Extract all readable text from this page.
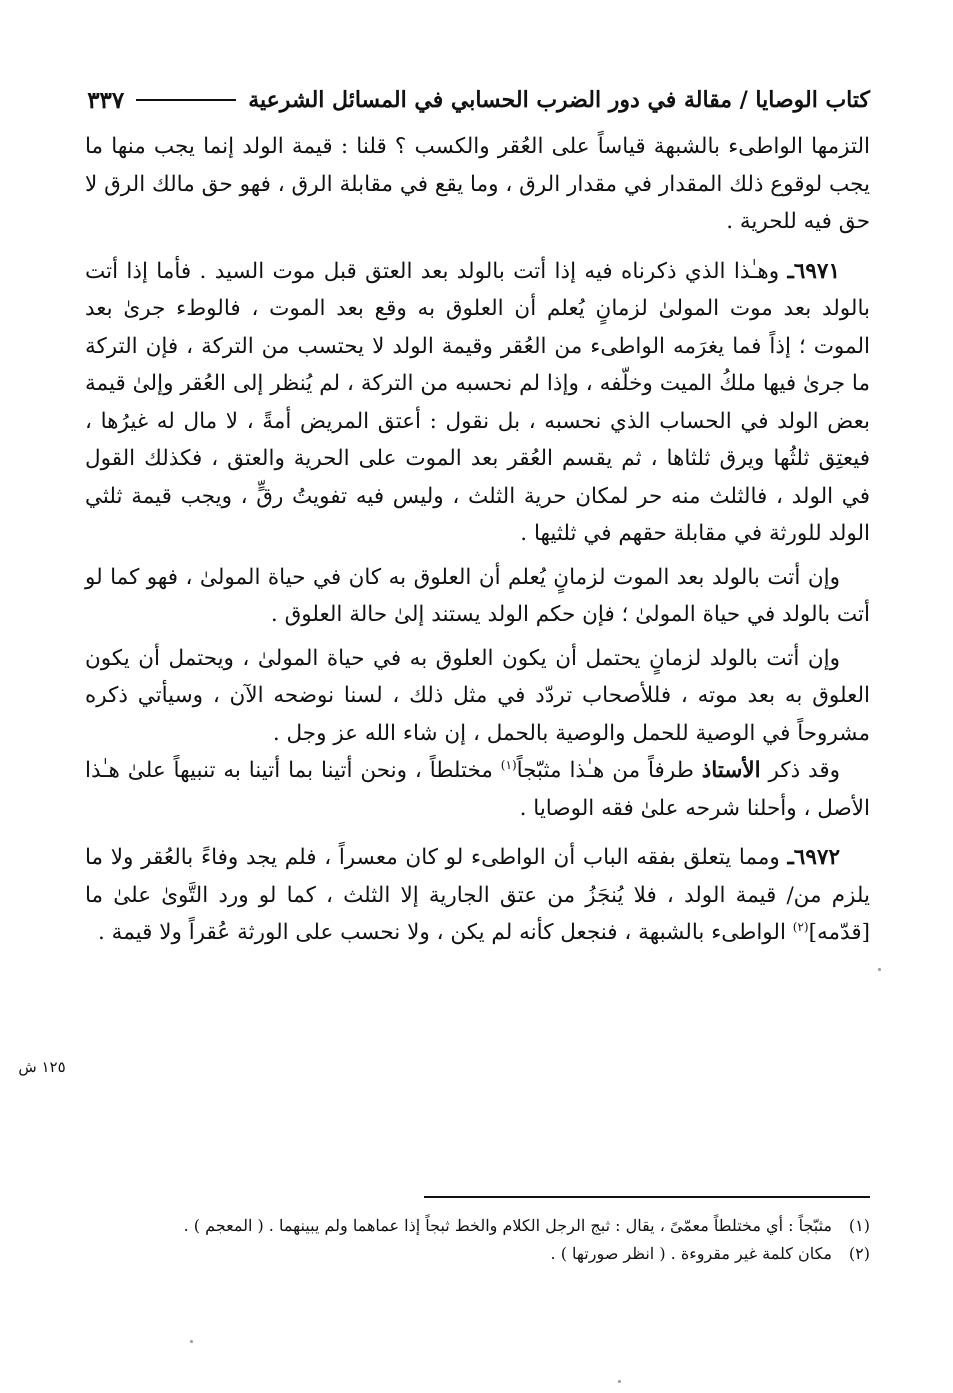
كتاب الوصايا / مقالة في دور الضرب الحسابي في المسائل الشرعية
٣٣٧

التزمها الواطىء بالشبهة قياساً على العُقر والكسب ؟ قلنا : قيمة الولد إنما يجب منها ما يجب لوقوع ذلك المقدار في مقدار الرق ، وما يقع في مقابلة الرق ، فهو حق مالك الرق لا حق فيه للحرية .

٦٩٧١ـ وهـٰذا الذي ذكرناه فيه إذا أتت بالولد بعد العتق قبل موت السيد . فأما إذا أتت بالولد بعد موت المولىٰ لزمانٍ يُعلم أن العلوق به وقع بعد الموت ، فالوطء جرىٰ بعد الموت ؛ إذاً فما يغرَمه الواطىء من العُقر وقيمة الولد لا يحتسب من التركة ، فإن التركة ما جرىٰ فيها ملكُ الميت وخلّفه ، وإذا لم نحسبه من التركة ، لم يُنظر إلى العُقر وإلىٰ قيمة بعض الولد في الحساب الذي نحسبه ، بل نقول : أعتق المريض أمةً ، لا مال له غيرُها ، فيعتِق ثلثُها ويرق ثلثاها ، ثم يقسم العُقر بعد الموت على الحرية والعتق ، فكذلك القول في الولد ، فالثلث منه حر لمكان حرية الثلث ، وليس فيه تفويتُ رقٍّ ، ويجب قيمة ثلثي الولد للورثة في مقابلة حقهم في ثلثيها .

وإن أتت بالولد بعد الموت لزمانٍ يُعلم أن العلوق به كان في حياة المولىٰ ، فهو كما لو أتت بالولد في حياة المولىٰ ؛ فإن حكم الولد يستند إلىٰ حالة العلوق .

وإن أتت بالولد لزمانٍ يحتمل أن يكون العلوق به في حياة المولىٰ ، ويحتمل أن يكون العلوق به بعد موته ، فللأصحاب تردّد في مثل ذلك ، لسنا نوضحه الآن ، وسيأتي ذكره مشروحاً في الوصية للحمل والوصية بالحمل ، إن شاء الله عز وجل .

وقد ذكر الأستاذ طرفاً من هـٰذا مثبّجاً$^{(١)}$ مختلطاً ، ونحن أتينا بما أتينا به تنبيهاً علىٰ هـٰذا الأصل ، وأحلنا شرحه علىٰ فقه الوصايا .

٦٩٧٢ـ ومما يتعلق بفقه الباب أن الواطىء لو كان معسراً ، فلم يجد وفاءً بالعُقر ولا ما يلزم من/ قيمة الولد ، فلا يُنجَزُ من عتق الجارية إلا الثلث ، كما لو ورد التَّوىٰ علىٰ ما [قدّمه]$^{(٢)}$ الواطىء بالشبهة ، فنجعل كأنه لم يكن ، ولا نحسب على الورثة عُقراً ولا قيمة .

١٢٥ ش
(١)
مثبّجاً : أي مختلطاً معمّىً ، يقال : ثبج الرجل الكلام والخط ثبجاً إذا عماهما ولم يبينهما . ( المعجم ) .
(٢)
مكان كلمة غير مقروءة . ( انظر صورتها ) .
